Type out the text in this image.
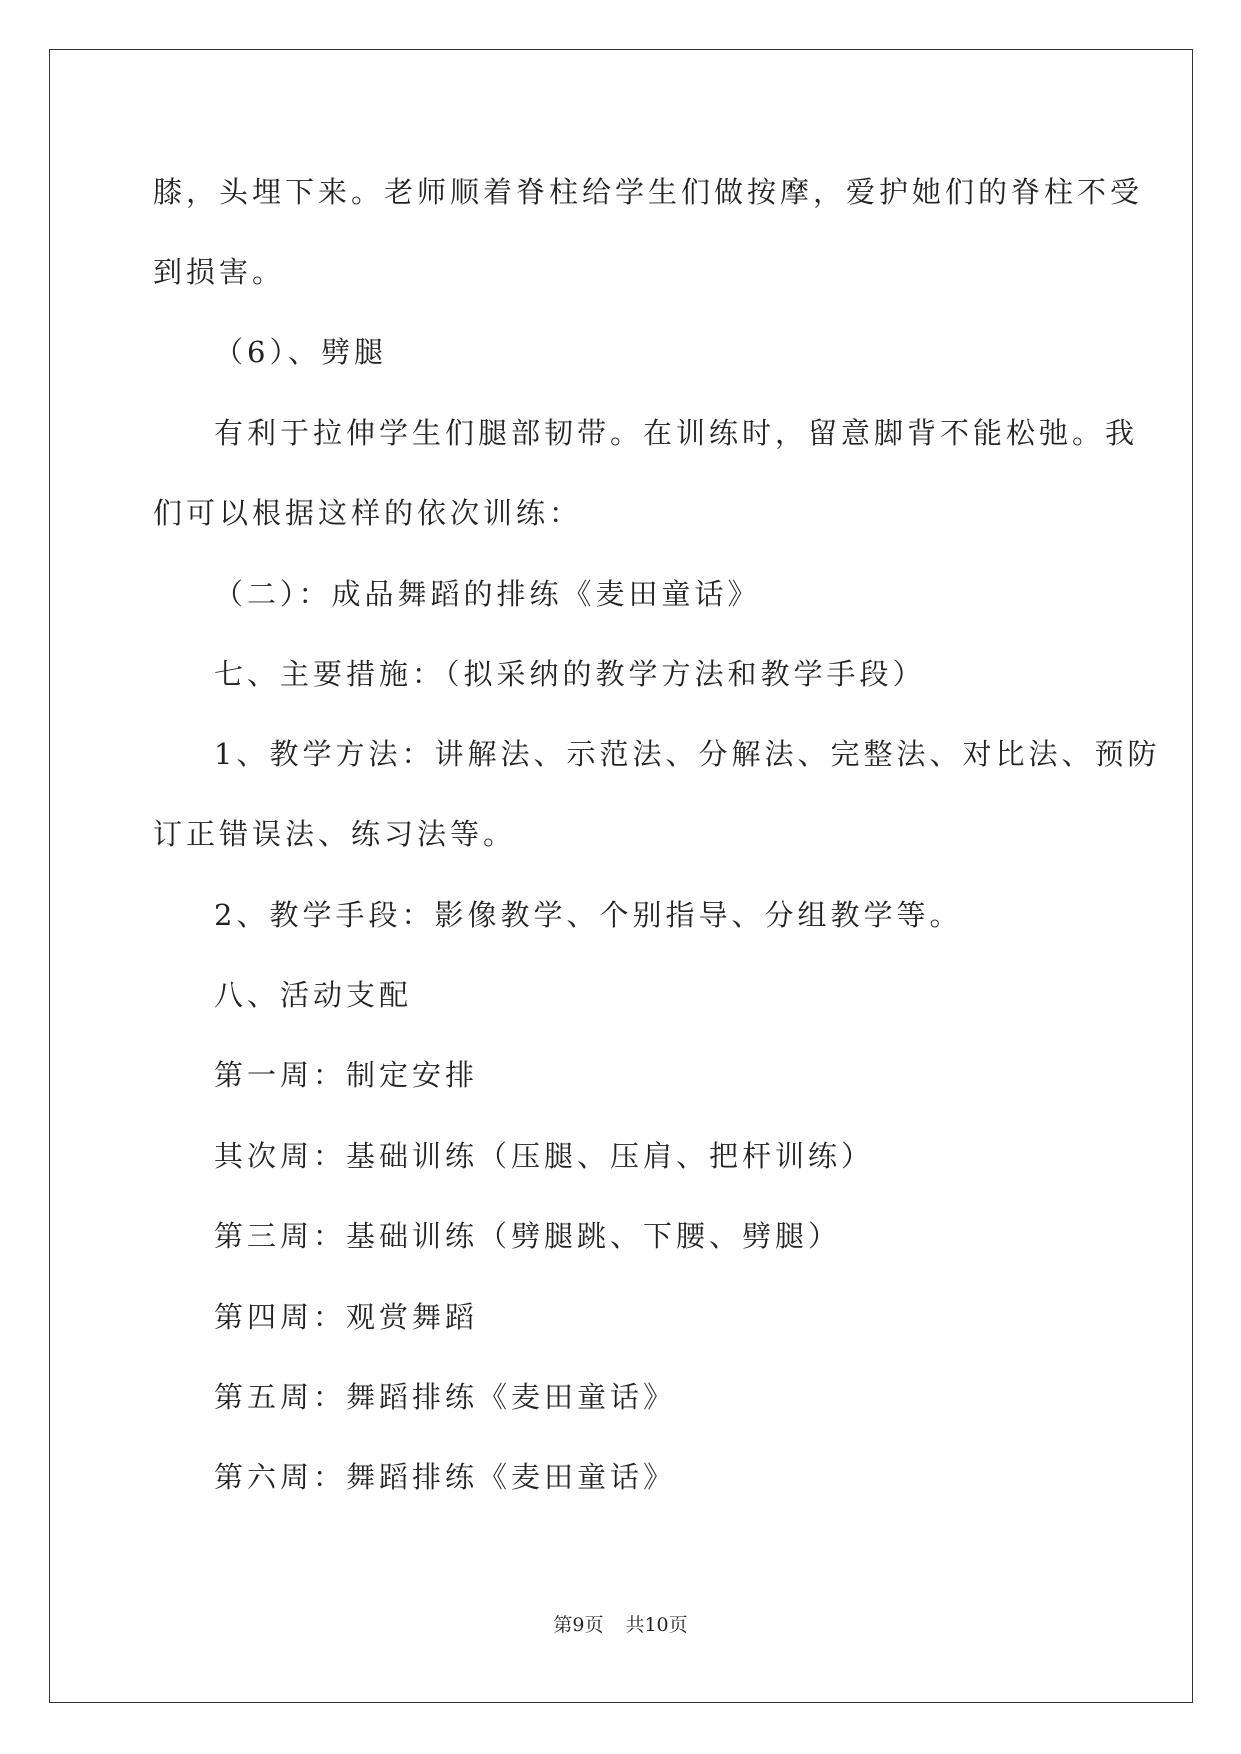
膝，头埋下来。老师顺着脊柱给学生们做按摩，爱护她们的脊柱不受
到损害。
（6）、劈腿
有利于拉伸学生们腿部韧带。在训练时，留意脚背不能松弛。我
们可以根据这样的依次训练：
（二）：成品舞蹈的排练《麦田童话》
七、主要措施：（拟采纳的教学方法和教学手段）
1、教学方法：讲解法、示范法、分解法、完整法、对比法、预防
订正错误法、练习法等。
2、教学手段：影像教学、个别指导、分组教学等。
八、活动支配
第一周：制定安排
其次周：基础训练（压腿、压肩、把杆训练）
第三周：基础训练（劈腿跳、下腰、劈腿）
第四周：观赏舞蹈
第五周：舞蹈排练《麦田童话》
第六周：舞蹈排练《麦田童话》
第9页 共10页
